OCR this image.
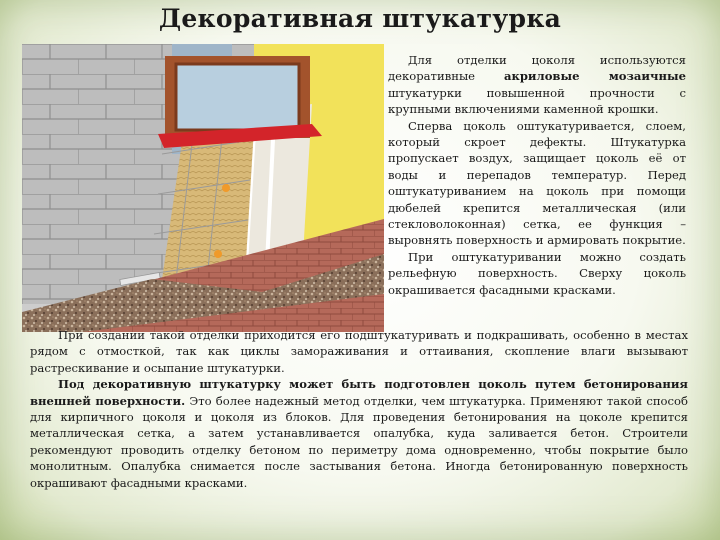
Декоративная штукатурка

Для отделки цоколя используются декоративные акриловые мозаичные штукатурки повышенной прочности с крупными включениями каменной крошки.

Сперва цоколь оштукатуривается, слоем, который скроет дефекты. Штукатурка пропускает воздух, защищает цоколь её от воды и перепадов температур. Перед оштукатуриванием на цоколь при помощи дюбелей крепится металлическая (или стекловолоконная) сетка, ее функция – выровнять поверхность и армировать покрытие.

При оштукатуривании можно создать рельефную поверхность. Сверху цоколь окрашивается фасадными красками.

При создании такой отделки приходится его подштукатуривать и подкрашивать, особенно в местах рядом с отмосткой, так как циклы замораживания и оттаивания, скопление влаги вызывают растрескивание и осыпание штукатурки.

Под декоративную штукатурку может быть подготовлен цоколь путем бетонирования внешней поверхности. Это более надежный метод отделки, чем штукатурка. Применяют такой способ для кирпичного цоколя и цоколя из блоков. Для проведения бетонирования на цоколе крепится металлическая сетка, а затем устанавливается опалубка, куда заливается бетон. Строители рекомендуют проводить отделку бетоном по периметру дома одновременно, чтобы покрытие было монолитным. Опалубка снимается после застывания бетона. Иногда бетонированную поверхность окрашивают фасадными красками.
